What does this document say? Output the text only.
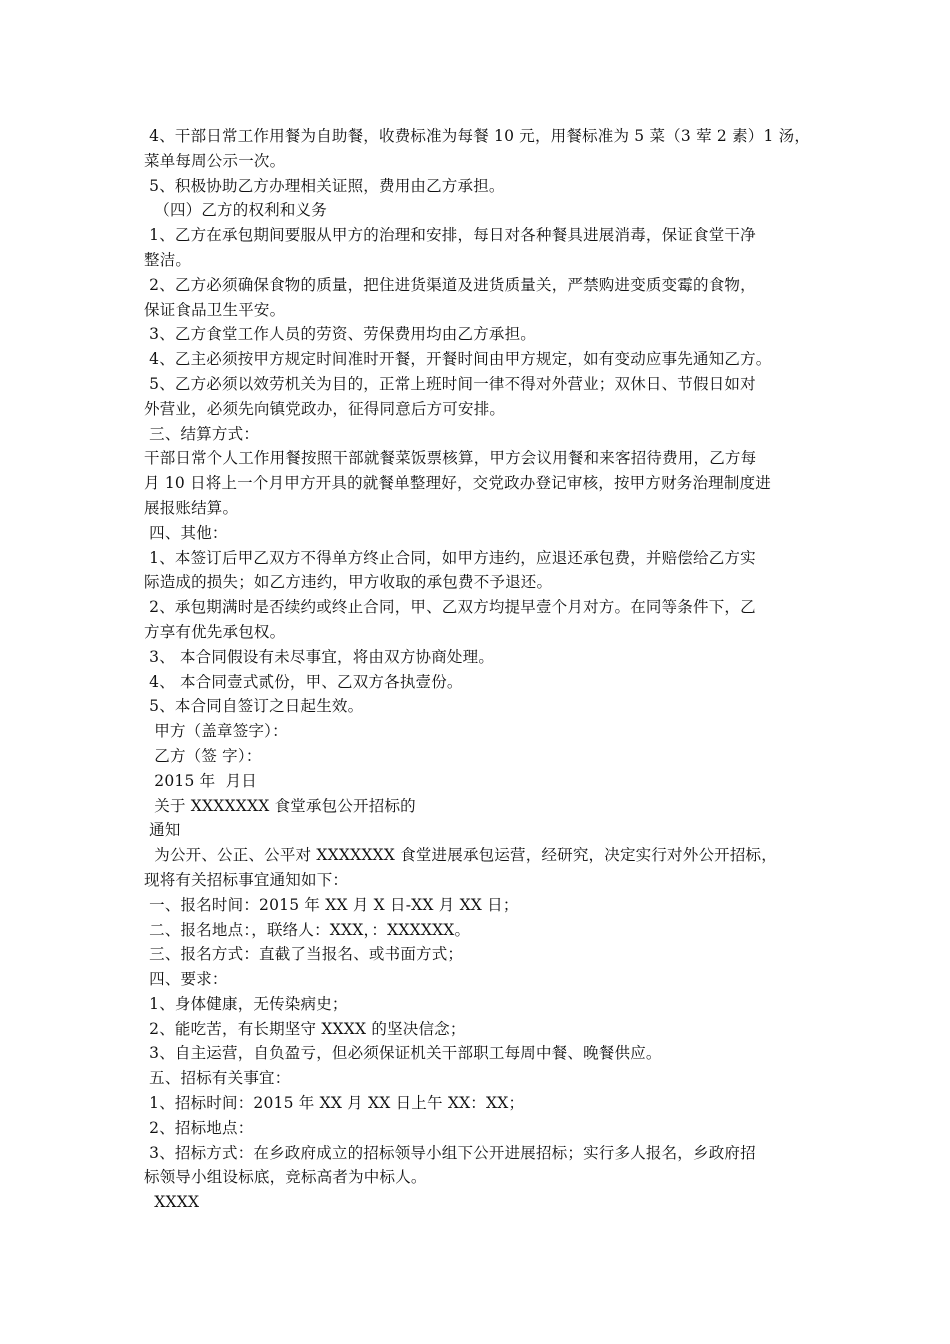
4、干部日常工作用餐为自助餐，收费标准为每餐 10 元，用餐标准为 5 菜（3 荤 2 素）1 汤，

菜单每周公示一次。

5、积极协助乙方办理相关证照，费用由乙方承担。

（四）乙方的权利和义务

1、乙方在承包期间要服从甲方的治理和安排，每日对各种餐具进展消毒，保证食堂干净

整洁。

2、乙方必须确保食物的质量，把住进货渠道及进货质量关，严禁购进变质变霉的食物，

保证食品卫生平安。

3、乙方食堂工作人员的劳资、劳保费用均由乙方承担。

4、乙主必须按甲方规定时间准时开餐，开餐时间由甲方规定，如有变动应事先通知乙方。

5、乙方必须以效劳机关为目的，正常上班时间一律不得对外营业；双休日、节假日如对

外营业，必须先向镇党政办，征得同意后方可安排。

三、结算方式：

干部日常个人工作用餐按照干部就餐菜饭票核算，甲方会议用餐和来客招待费用，乙方每

月 10 日将上一个月甲方开具的就餐单整理好，交党政办登记审核，按甲方财务治理制度进

展报账结算。

四、其他：

1、本签订后甲乙双方不得单方终止合同，如甲方违约，应退还承包费，并赔偿给乙方实

际造成的损失；如乙方违约，甲方收取的承包费不予退还。

2、承包期满时是否续约或终止合同，甲、乙双方均提早壹个月对方。在同等条件下，乙

方享有优先承包权。

3、 本合同假设有未尽事宜，将由双方协商处理。

4、 本合同壹式贰份，甲、乙双方各执壹份。

5、本合同自签订之日起生效。

甲方（盖章签字）：

乙方（签 字）：

2015 年  月日

关于 XXXXXXX 食堂承包公开招标的

通知

为公开、公正、公平对 XXXXXXX 食堂进展承包运营，经研究，决定实行对外公开招标，

现将有关招标事宜通知如下：

一、报名时间：2015 年 XX 月 X 日-XX 月 XX 日；

二、报名地点：，联络人：XXX，：XXXXXX。

三、报名方式：直截了当报名、或书面方式；

四、要求：

1、身体健康，无传染病史；

2、能吃苦，有长期坚守 XXXX 的坚决信念；

3、自主运营，自负盈亏，但必须保证机关干部职工每周中餐、晚餐供应。

五、招标有关事宜：

1、招标时间：2015 年 XX 月 XX 日上午 XX：XX；

2、招标地点：

3、招标方式：在乡政府成立的招标领导小组下公开进展招标；实行多人报名，乡政府招

标领导小组设标底，竞标高者为中标人。

XXXX
